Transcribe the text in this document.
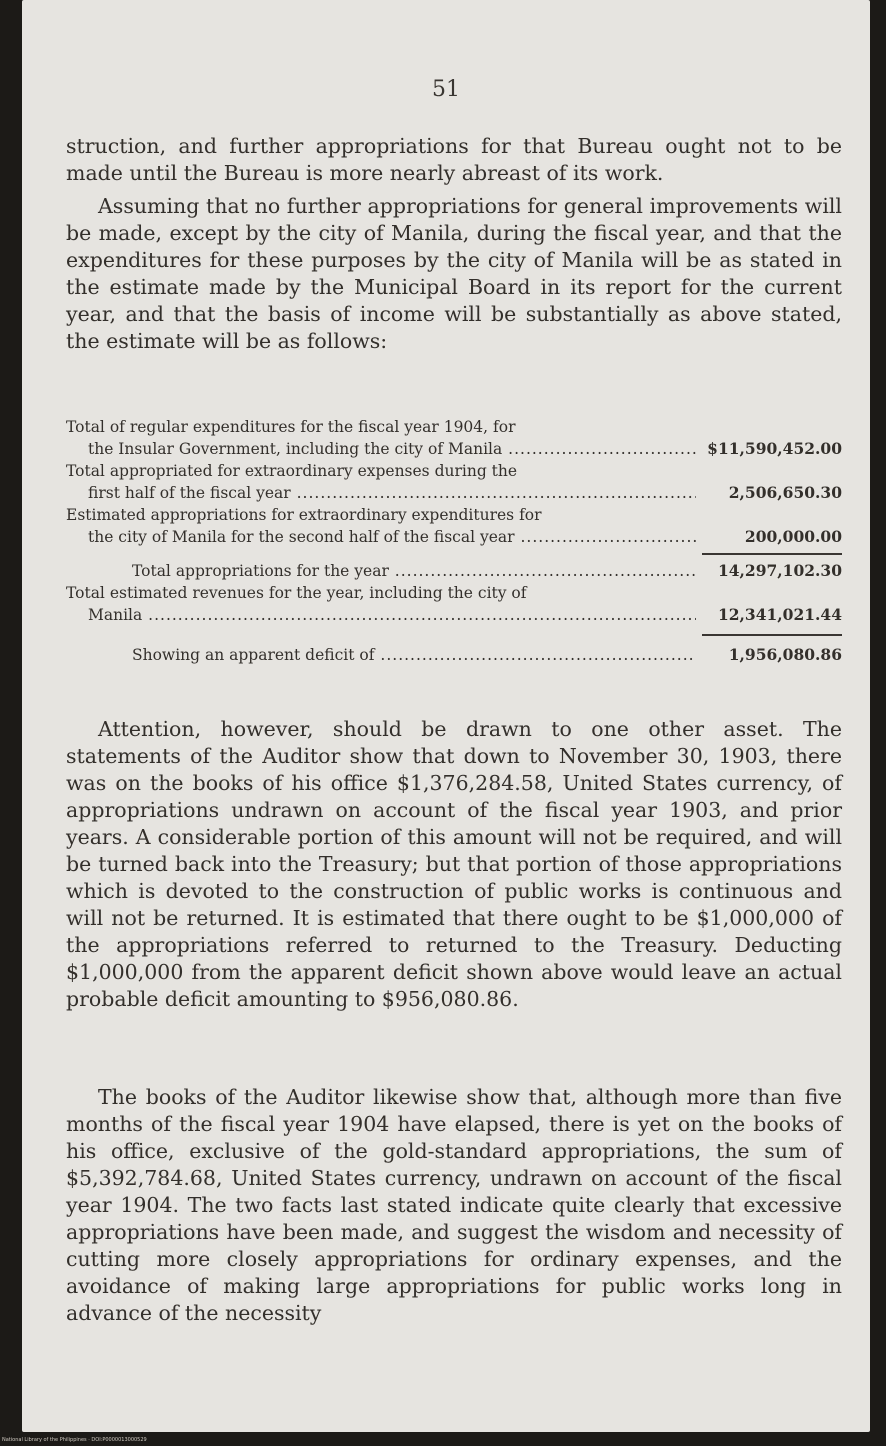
51
struction, and further appropriations for that Bureau ought not to be made until the Bureau is more nearly abreast of its work.
Assuming that no further appropriations for general improvements will be made, except by the city of Manila, during the fiscal year, and that the expenditures for these purposes by the city of Manila will be as stated in the estimate made by the Municipal Board in its report for the current year, and that the basis of income will be substantially as above stated, the estimate will be as follows:
Total of regular expenditures for the fiscal year 1904, for
the Insular Government, including the city of Manila .....	$11,590,452.00
Total appropriated for extraordinary expenses during the
first half of the fiscal year .....	2,506,650.30
Estimated appropriations for extraordinary expenditures for
the city of Manila for the second half of the fiscal year .....	200,000.00
Total appropriations for the year .....	14,297,102.30
Total estimated revenues for the year, including the city of
Manila .....	12,341,021.44
Showing an apparent deficit of .....	1,956,080.86
Attention, however, should be drawn to one other asset. The statements of the Auditor show that down to November 30, 1903, there was on the books of his office $1,376,284.58, United States currency, of appropriations undrawn on account of the fiscal year 1903, and prior years. A considerable portion of this amount will not be required, and will be turned back into the Treasury; but that portion of those appropriations which is devoted to the construction of public works is continuous and will not be returned. It is estimated that there ought to be $1,000,000 of the appropriations referred to returned to the Treasury. Deducting $1,000,000 from the apparent deficit shown above would leave an actual probable deficit amounting to $956,080.86.
The books of the Auditor likewise show that, although more than five months of the fiscal year 1904 have elapsed, there is yet on the books of his office, exclusive of the gold-standard appropriations, the sum of $5,392,784.68, United States currency, undrawn on account of the fiscal year 1904. The two facts last stated indicate quite clearly that excessive appropriations have been made, and suggest the wisdom and necessity of cutting more closely appropriations for ordinary expenses, and the avoidance of making large appropriations for public works long in advance of the necessity
National Library of the Philippines · DOI:P0000013000529
